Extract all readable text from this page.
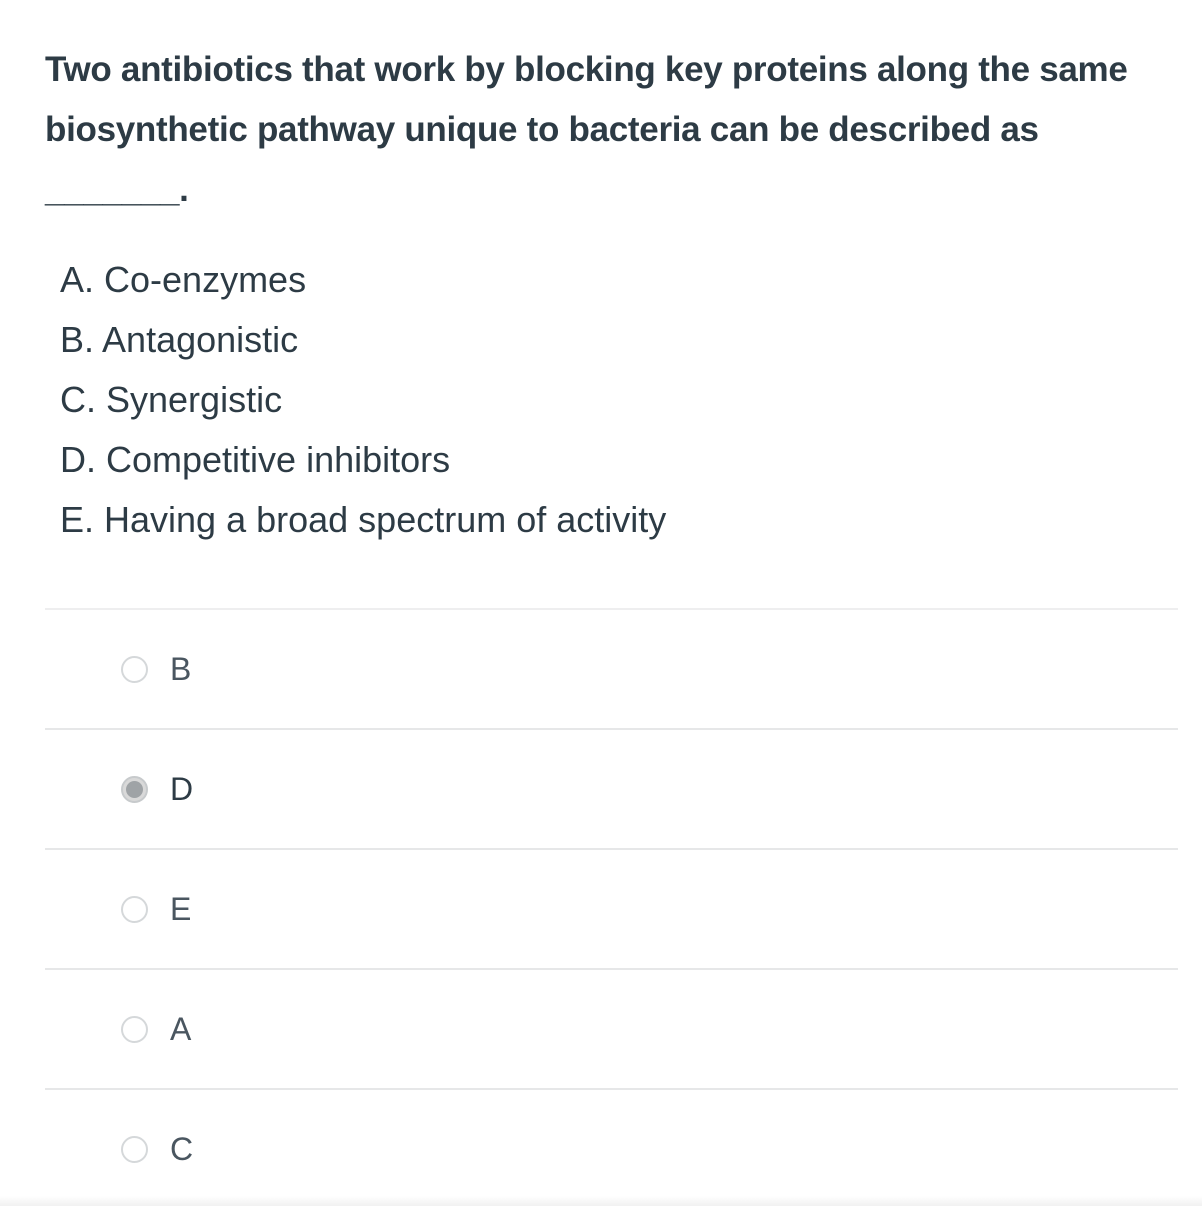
Two antibiotics that work by blocking key proteins along the same biosynthetic pathway unique to bacteria can be described as _______.
A. Co-enzymes
B. Antagonistic
C. Synergistic
D. Competitive inhibitors
E. Having a broad spectrum of activity
B
D
E
A
C
